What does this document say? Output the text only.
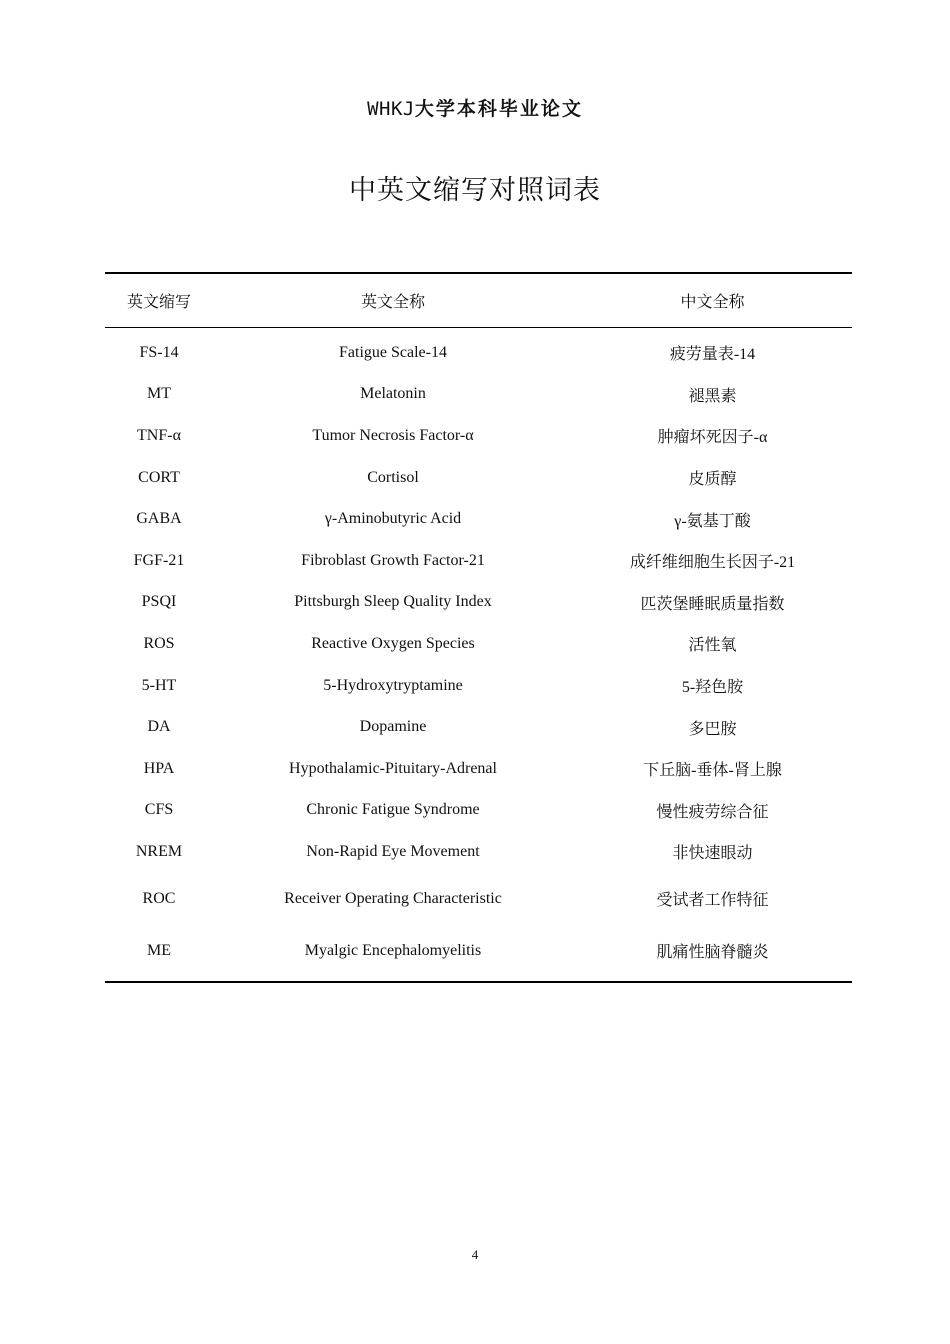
WHKJ大学本科毕业论文
中英文缩写对照词表
英文缩写	英文全称	中文全称
FS-14	Fatigue Scale-14	疲劳量表-14
MT	Melatonin	褪黑素
TNF-α	Tumor Necrosis Factor-α	肿瘤坏死因子-α
CORT	Cortisol	皮质醇
GABA	γ-Aminobutyric Acid	γ-氨基丁酸
FGF-21	Fibroblast Growth Factor-21	成纤维细胞生长因子-21
PSQI	Pittsburgh Sleep Quality Index	匹茨堡睡眠质量指数
ROS	Reactive Oxygen Species	活性氧
5-HT	5-Hydroxytryptamine	5-羟色胺
DA	Dopamine	多巴胺
HPA	Hypothalamic-Pituitary-Adrenal	下丘脑-垂体-肾上腺
CFS	Chronic Fatigue Syndrome	慢性疲劳综合征
NREM	Non-Rapid Eye Movement	非快速眼动
ROC	Receiver Operating Characteristic	受试者工作特征
ME	Myalgic Encephalomyelitis	肌痛性脑脊髓炎
4
